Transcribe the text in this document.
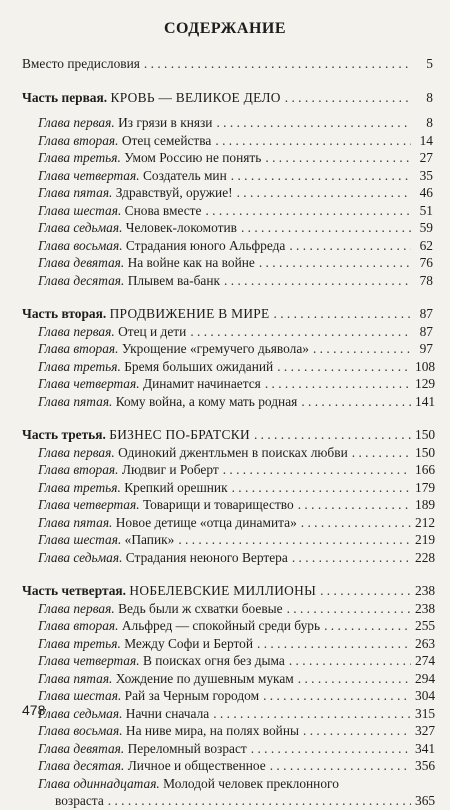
СОДЕРЖАНИЕ
Вместо предисловия . . .	5
Часть первая. КРОВЬ — ВЕЛИКОЕ ДЕЛО . . .	8
Глава первая. Из грязи в князи . . .	8
Глава вторая. Отец семейства . . .	14
Глава третья. Умом Россию не понять . . .	27
Глава четвертая. Создатель мин . . .	35
Глава пятая. Здравствуй, оружие! . . .	46
Глава шестая. Снова вместе . . .	51
Глава седьмая. Человек-локомотив . . .	59
Глава восьмая. Страдания юного Альфреда . . .	62
Глава девятая. На войне как на войне . . .	76
Глава десятая. Плывем ва-банк . . .	78
Часть вторая. ПРОДВИЖЕНИЕ В МИРЕ . . .	87
Глава первая. Отец и дети . . .	87
Глава вторая. Укрощение «гремучего дьявола» . . .	97
Глава третья. Бремя больших ожиданий . . .	108
Глава четвертая. Динамит начинается . . .	129
Глава пятая. Кому война, а кому мать родная . . .	141
Часть третья. БИЗНЕС ПО-БРАТСКИ . . .	150
Глава первая. Одинокий джентльмен в поисках любви . . .	150
Глава вторая. Людвиг и Роберт . . .	166
Глава третья. Крепкий орешник . . .	179
Глава четвертая. Товарищи и товарищество . . .	189
Глава пятая. Новое детище «отца динамита» . . .	212
Глава шестая. «Папик» . . .	219
Глава седьмая. Страдания неюного Вертера . . .	228
Часть четвертая. НОБЕЛЕВСКИЕ МИЛЛИОНЫ . . .	238
Глава первая. Ведь были ж схватки боевые . . .	238
Глава вторая. Альфред — спокойный среди бурь . . .	255
Глава третья. Между Софи и Бертой . . .	263
Глава четвертая. В поисках огня без дыма . . .	274
Глава пятая. Хождение по душевным мукам . . .	294
Глава шестая. Рай за Черным городом . . .	304
Глава седьмая. Начни сначала . . .	315
Глава восьмая. На ниве мира, на полях войны . . .	327
Глава девятая. Переломный возраст . . .	341
Глава десятая. Личное и общественное . . .	356
Глава одиннадцатая. Молодой человек преклонного
возраста . . .	365
478
